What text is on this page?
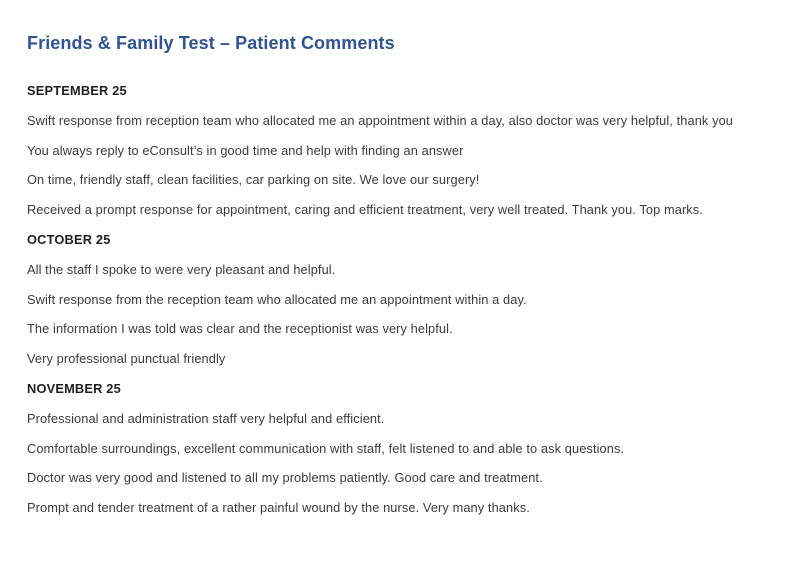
Friends & Family Test – Patient Comments
SEPTEMBER 25

Swift response from reception team who allocated me an appointment within a day, also doctor was very helpful, thank you

You always reply to eConsult’s in good time and help with finding an answer

On time, friendly staff, clean facilities, car parking on site. We love our surgery!

Received a prompt response for appointment, caring and efficient treatment, very well treated. Thank you. Top marks.

OCTOBER 25

All the staff I spoke to were very pleasant and helpful.

Swift response from the reception team who allocated me an appointment within a day.

The information I was told was clear and the receptionist was very helpful.

Very professional punctual friendly

NOVEMBER 25

Professional and administration staff very helpful and efficient.

Comfortable surroundings, excellent communication with staff, felt listened to and able to ask questions.

Doctor was very good and listened to all my problems patiently. Good care and treatment.

Prompt and tender treatment of a rather painful wound by the nurse. Very many thanks.
